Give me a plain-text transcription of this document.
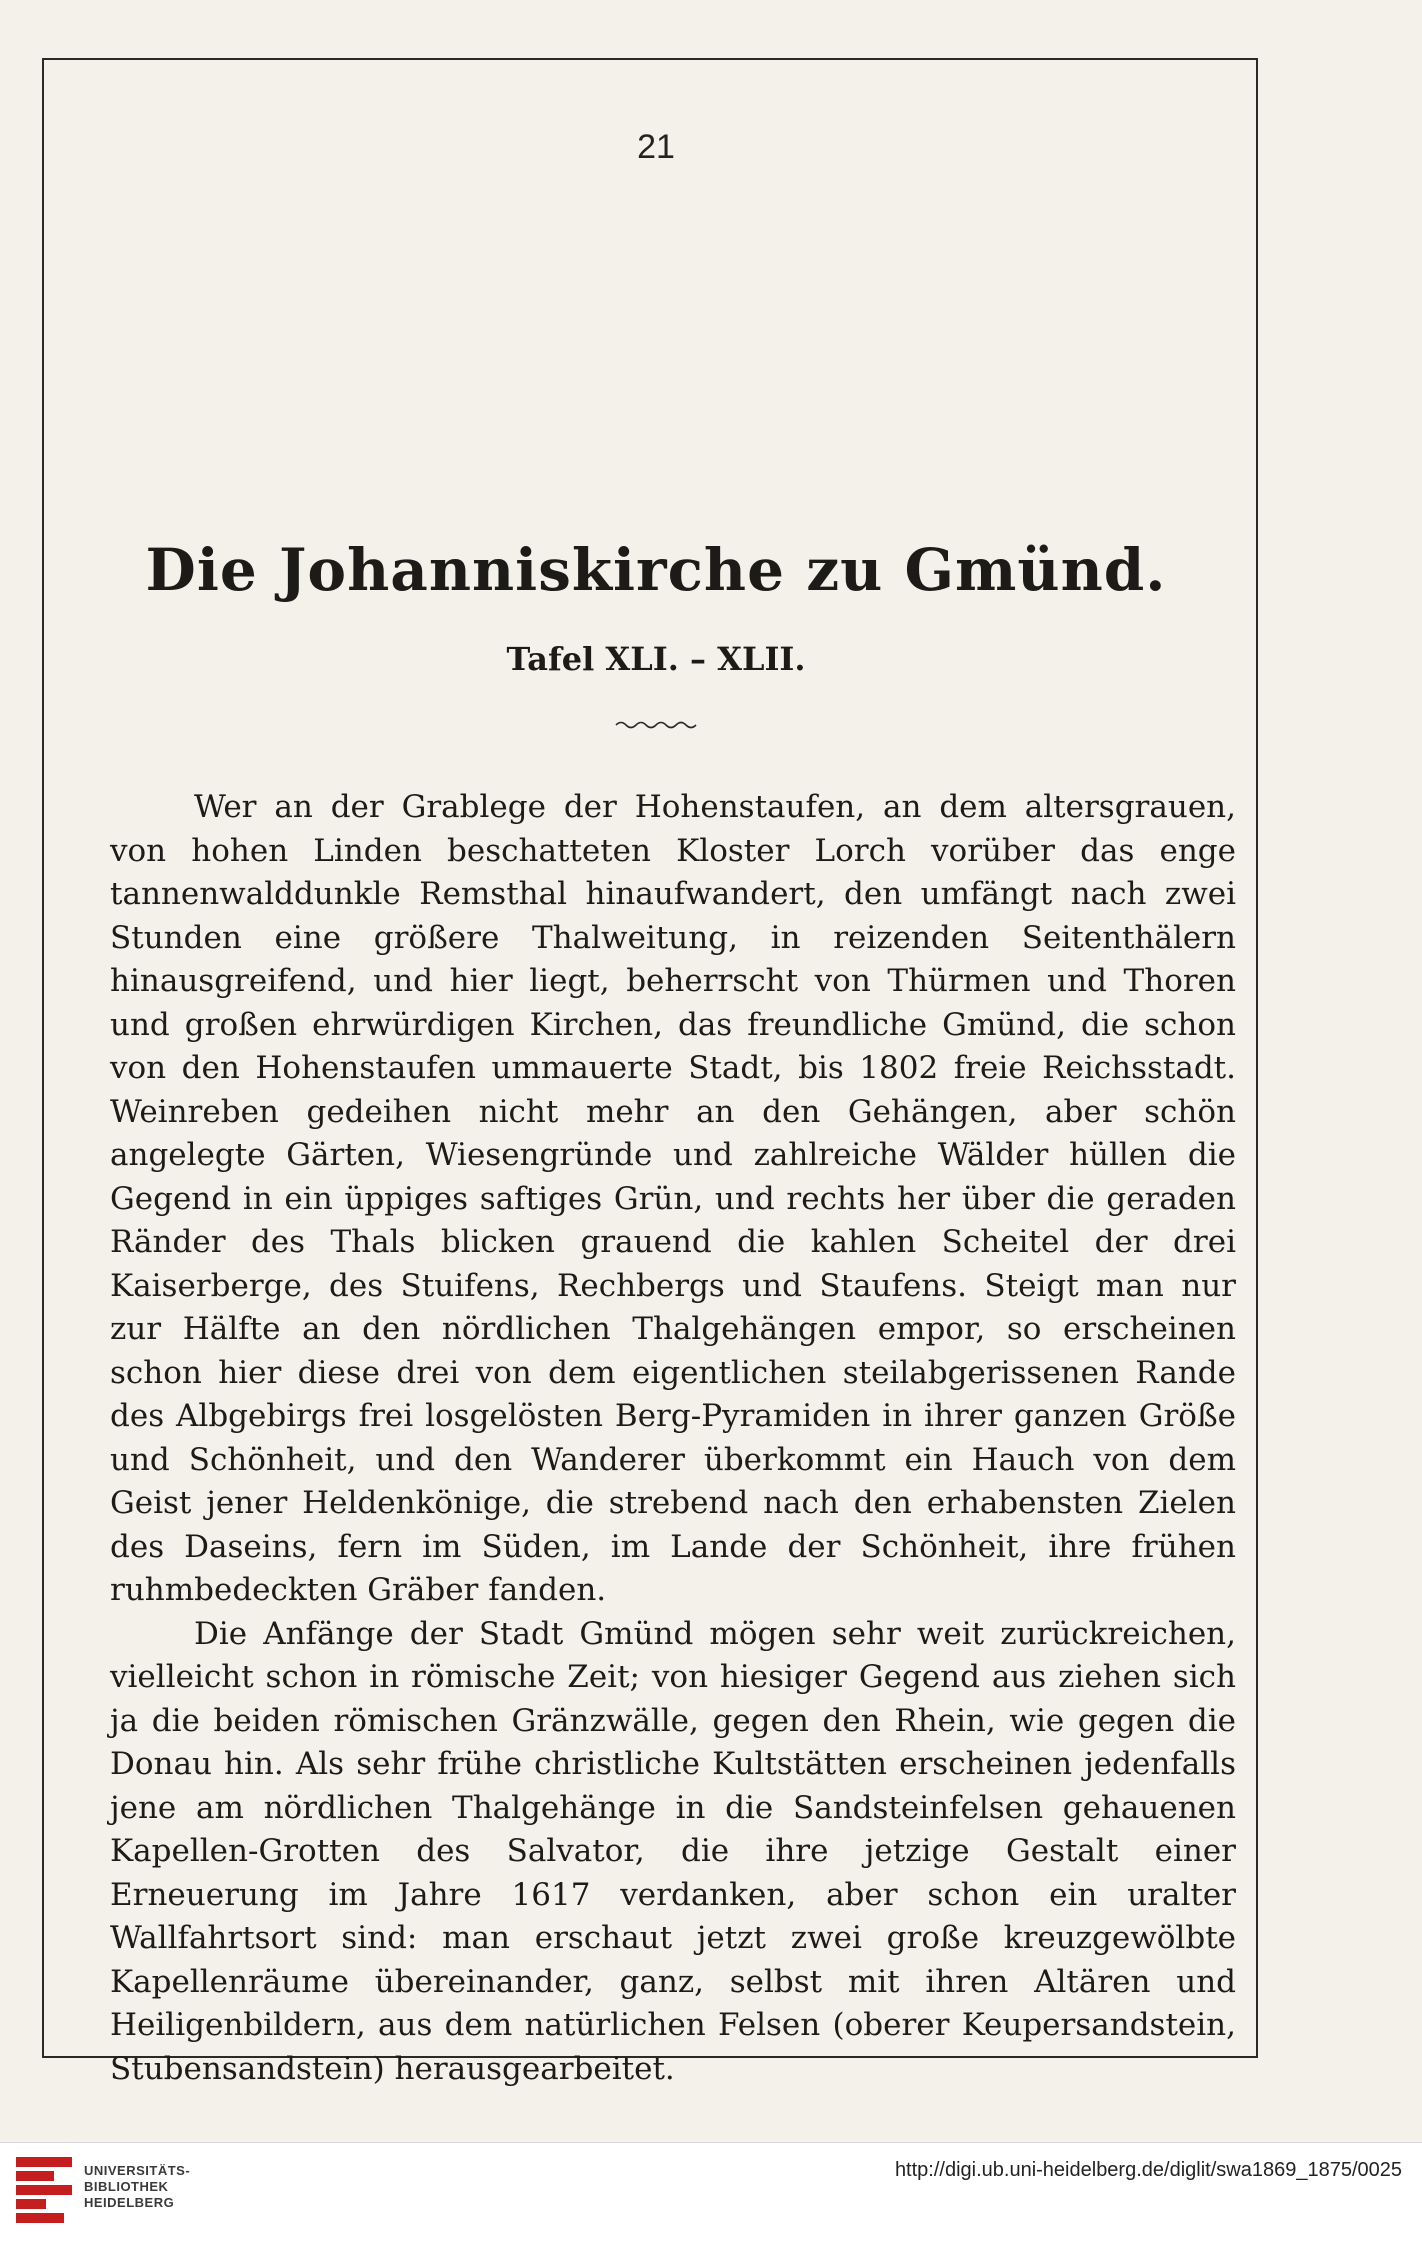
21
Die Johanniskirche zu Gmünd.
Tafel XLI. – XLII.

Wer an der Grablege der Hohenstaufen, an dem altersgrauen, von hohen Linden beschatteten Kloster Lorch vorüber das enge tannenwalddunkle Remsthal hinaufwandert, den umfängt nach zwei Stunden eine größere Thalweitung, in reizenden Seitenthälern hinausgreifend, und hier liegt, beherrscht von Thürmen und Thoren und großen ehrwürdigen Kirchen, das freundliche Gmünd, die schon von den Hohenstaufen ummauerte Stadt, bis 1802 freie Reichsstadt. Weinreben gedeihen nicht mehr an den Gehängen, aber schön angelegte Gärten, Wiesengründe und zahlreiche Wälder hüllen die Gegend in ein üppiges saftiges Grün, und rechts her über die geraden Ränder des Thals blicken grauend die kahlen Scheitel der drei Kaiserberge, des Stuifens, Rechbergs und Staufens. Steigt man nur zur Hälfte an den nördlichen Thalgehängen empor, so erscheinen schon hier diese drei von dem eigentlichen steilabgerissenen Rande des Albgebirgs frei losgelösten Berg-Pyramiden in ihrer ganzen Größe und Schönheit, und den Wanderer überkommt ein Hauch von dem Geist jener Heldenkönige, die strebend nach den erhabensten Zielen des Daseins, fern im Süden, im Lande der Schönheit, ihre frühen ruhmbedeckten Gräber fanden.

Die Anfänge der Stadt Gmünd mögen sehr weit zurückreichen, vielleicht schon in römische Zeit; von hiesiger Gegend aus ziehen sich ja die beiden römischen Gränzwälle, gegen den Rhein, wie gegen die Donau hin. Als sehr frühe christliche Kultstätten erscheinen jedenfalls jene am nördlichen Thalgehänge in die Sandsteinfelsen gehauenen Kapellen-Grotten des Salvator, die ihre jetzige Gestalt einer Erneuerung im Jahre 1617 verdanken, aber schon ein uralter Wallfahrtsort sind: man erschaut jetzt zwei große kreuzgewölbte Kapellenräume übereinander, ganz, selbst mit ihren Altären und Heiligenbildern, aus dem natürlichen Felsen (oberer Keupersandstein, Stubensandstein) herausgearbeitet.

UNIVERSITÄTS-
BIBLIOTHEK
HEIDELBERG
http://digi.ub.uni-heidelberg.de/diglit/swa1869_1875/0025
